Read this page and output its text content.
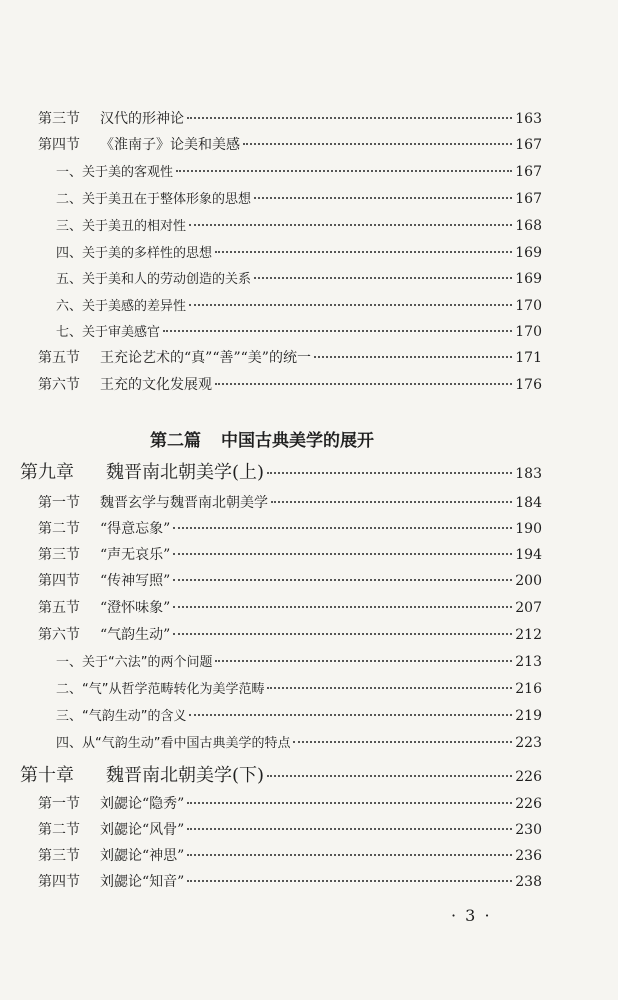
第三节	汉代的形神论	163
第四节	《淮南子》论美和美感	167
一、关于美的客观性	167
二、关于美丑在于整体形象的思想	167
三、关于美丑的相对性	168
四、关于美的多样性的思想	169
五、关于美和人的劳动创造的关系	169
六、关于美感的差异性	170
七、关于审美感官	170
第五节	王充论艺术的“真”“善”“美”的统一	171
第六节	王充的文化发展观	176
第二篇 中国古典美学的展开
第九章	魏晋南北朝美学(上)	183
第一节	魏晋玄学与魏晋南北朝美学	184
第二节	“得意忘象”	190
第三节	“声无哀乐”	194
第四节	“传神写照”	200
第五节	“澄怀味象”	207
第六节	“气韵生动”	212
一、关于“六法”的两个问题	213
二、“气”从哲学范畴转化为美学范畴	216
三、“气韵生动”的含义	219
四、从“气韵生动”看中国古典美学的特点	223
第十章	魏晋南北朝美学(下)	226
第一节	刘勰论“隐秀”	226
第二节	刘勰论“风骨”	230
第三节	刘勰论“神思”	236
第四节	刘勰论“知音”	238
· 3 ·
